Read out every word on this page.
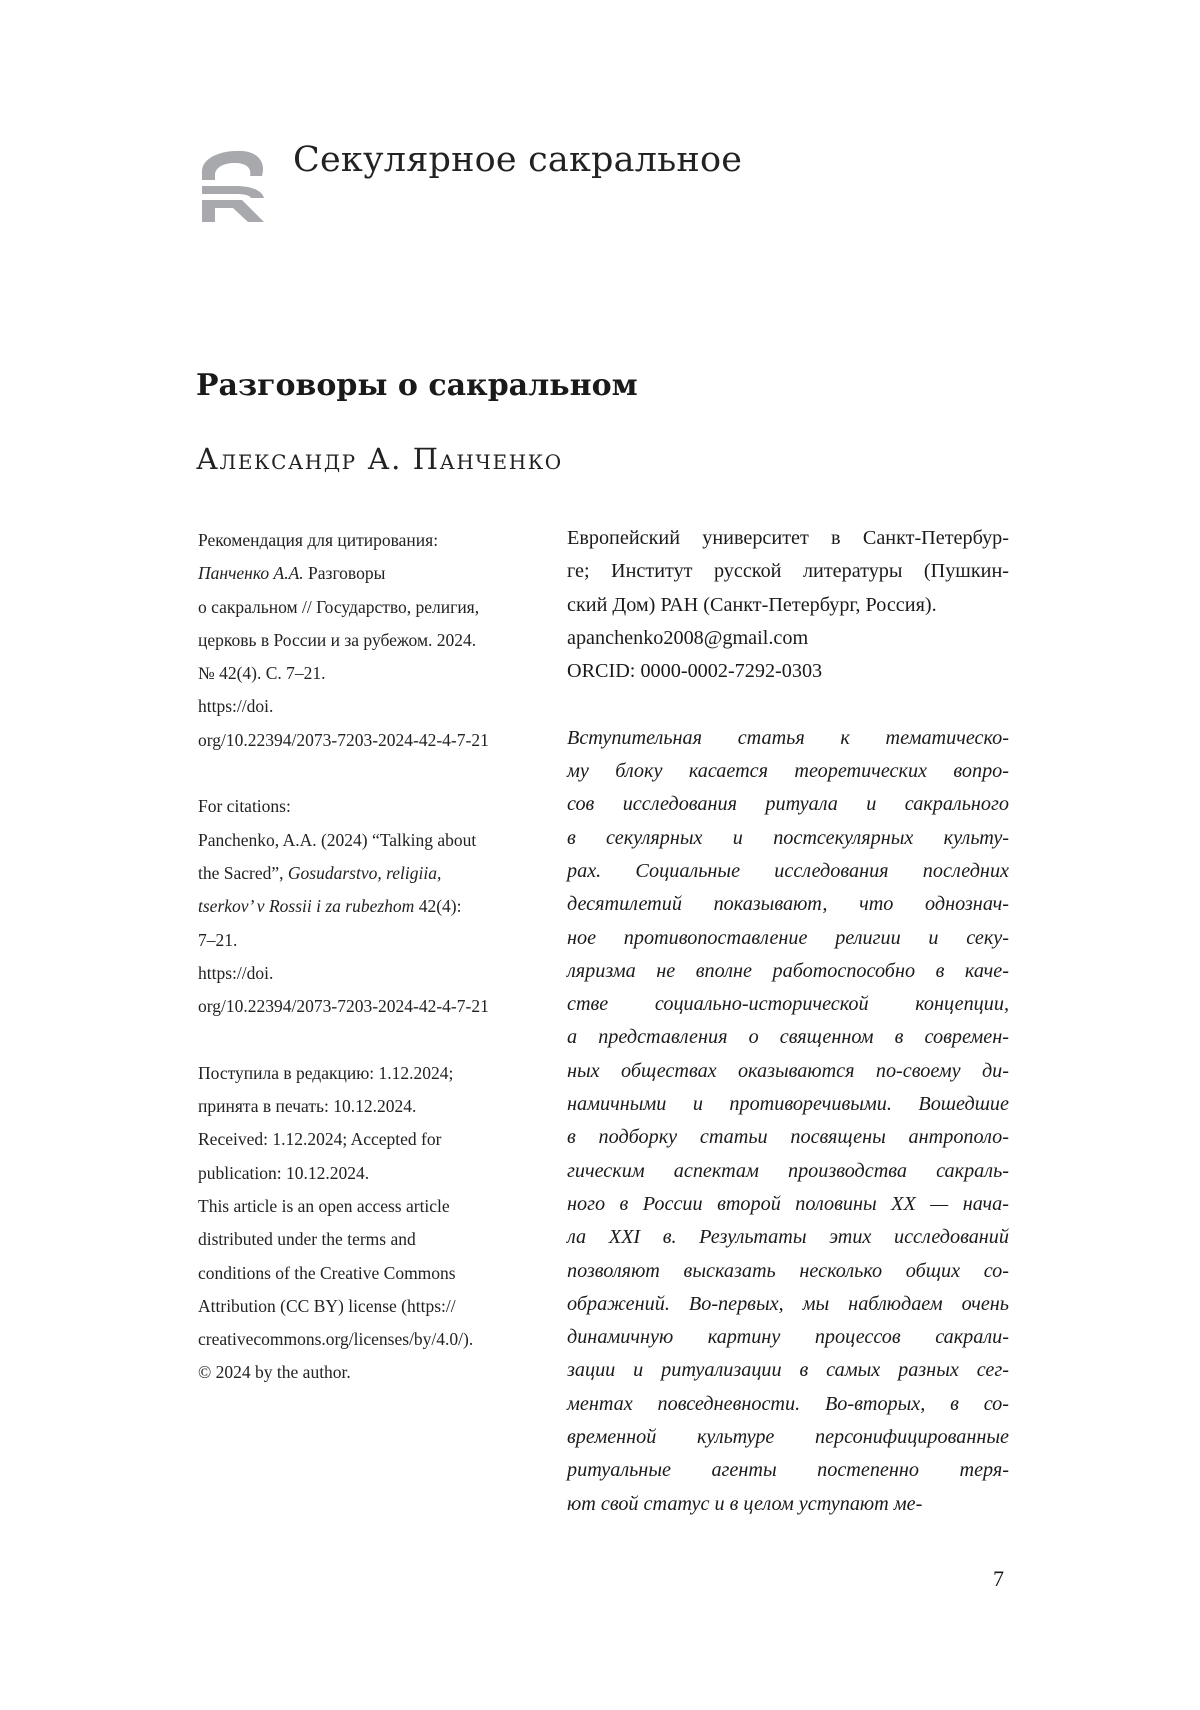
Секулярное сакральное
Разговоры о сакральном
Александр А. Панченко
Рекомендация для цитирования:
Панченко А.А. Разговоры
о сакральном // Государство, религия,
церковь в России и за рубежом. 2024.
№ 42(4). С. 7–21.
https://doi.
org/10.22394/2073-7203-2024-42-4-7-21
For citations:
Panchenko, A.A. (2024) “Talking about
the Sacred”, Gosudarstvo, religiia,
tserkov’ v Rossii i za rubezhom 42(4):
7–21.
https://doi.
org/10.22394/2073-7203-2024-42-4-7-21
Поступила в редакцию: 1.12.2024;
принята в печать: 10.12.2024.
Received: 1.12.2024; Accepted for
publication: 10.12.2024.
This article is an open access article
distributed under the terms and
conditions of the Creative Commons
Attribution (CC BY) license (https://
creativecommons.org/licenses/by/4.0/).
© 2024 by the author.
Европейский университет в Санкт-Петербур-
ге; Институт русской литературы (Пушкин-
ский Дом) РАН (Санкт-Петербург, Россия).
apanchenko2008@gmail.com
ORCID: 0000-0002-7292-0303
Вступительная статья к тематическо-
му блоку касается теоретических вопро-
сов исследования ритуала и сакрального
в секулярных и постсекулярных культу-
рах. Социальные исследования последних
десятилетий показывают, что однознач-
ное противопоставление религии и секу-
ляризма не вполне работоспособно в каче-
стве социально-исторической концепции,
а представления о священном в современ-
ных обществах оказываются по-своему ди-
намичными и противоречивыми. Вошедшие
в подборку статьи посвящены антрополо-
гическим аспектам производства сакраль-
ного в России второй половины XX — нача-
ла XXI в. Результаты этих исследований
позволяют высказать несколько общих со-
ображений. Во-первых, мы наблюдаем очень
динамичную картину процессов сакрали-
зации и ритуализации в самых разных сег-
ментах повседневности. Во-вторых, в со-
временной культуре персонифицированные
ритуальные агенты постепенно теря-
ют свой статус и в целом уступают ме-
7
